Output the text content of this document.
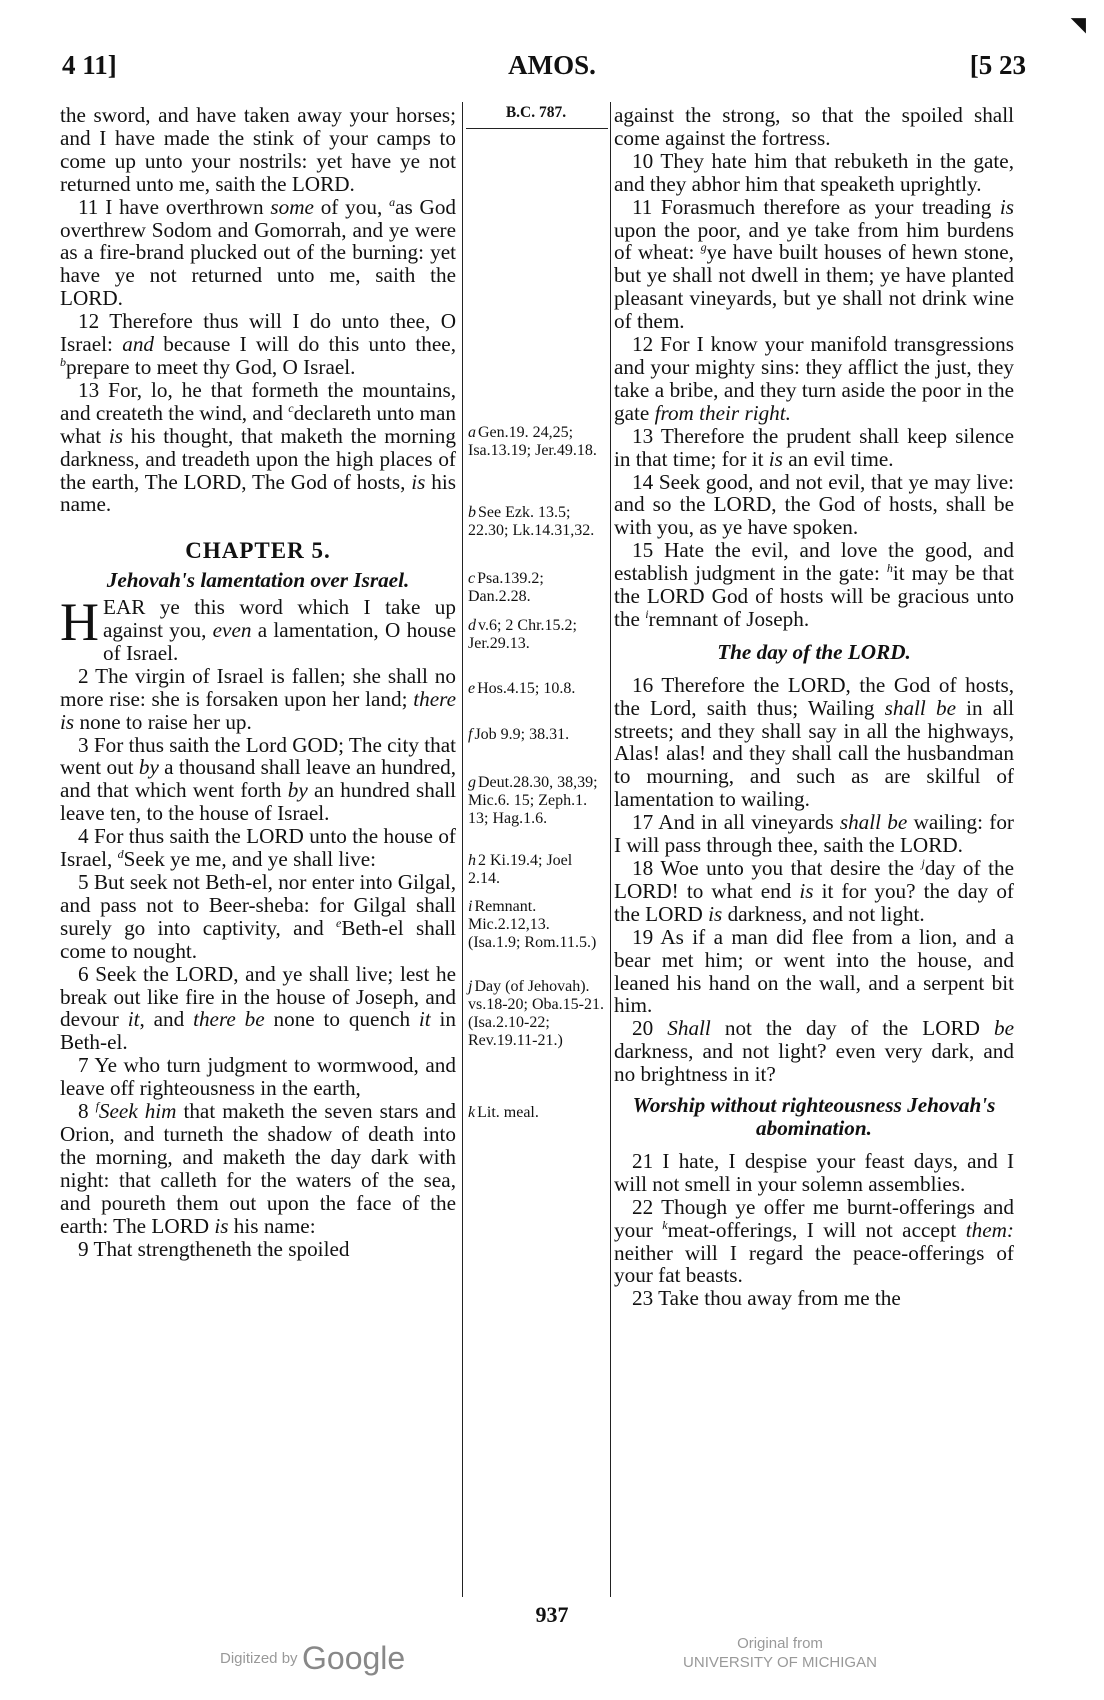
◥
4 11]	AMOS.	[5 23

the sword, and have taken away your horses; and I have made the stink of your camps to come up unto your nostrils: yet have ye not returned unto me, saith the LORD.

11 I have overthrown some of you, $^a$as God overthrew Sodom and Gomorrah, and ye were as a fire-brand plucked out of the burning: yet have ye not returned unto me, saith the LORD.

12 Therefore thus will I do unto thee, O Israel: and because I will do this unto thee, $^b$prepare to meet thy God, O Israel.

13 For, lo, he that formeth the mountains, and createth the wind, and $^c$declareth unto man what is his thought, that maketh the morning darkness, and treadeth upon the high places of the earth, The LORD, The God of hosts, is his name.

CHAPTER 5.
Jehovah's lamentation over Israel.

HEAR ye this word which I take up against you, even a lamentation, O house of Israel.

2 The virgin of Israel is fallen; she shall no more rise: she is forsaken upon her land; there is none to raise her up.

3 For thus saith the Lord GOD; The city that went out by a thousand shall leave an hundred, and that which went forth by an hundred shall leave ten, to the house of Israel.

4 For thus saith the LORD unto the house of Israel, $^d$Seek ye me, and ye shall live:

5 But seek not Beth-el, nor enter into Gilgal, and pass not to Beer-sheba: for Gilgal shall surely go into captivity, and $^e$Beth-el shall come to nought.

6 Seek the LORD, and ye shall live; lest he break out like fire in the house of Joseph, and devour it, and there be none to quench it in Beth-el.

7 Ye who turn judgment to wormwood, and leave off righteousness in the earth,

8 $^f$Seek him that maketh the seven stars and Orion, and turneth the shadow of death into the morning, and maketh the day dark with night: that calleth for the waters of the sea, and poureth them out upon the face of the earth: The LORD is his name:

9 That strengtheneth the spoiled

B.C. 787.
a Gen.19. 24,25; Isa.13.19; Jer.49.18.
b See Ezk. 13.5; 22.30; Lk.14.31,32.
c Psa.139.2; Dan.2.28.
d v.6; 2 Chr.15.2; Jer.29.13.
e Hos.4.15; 10.8.
f Job 9.9; 38.31.
g Deut.28.30, 38,39; Mic.6. 15; Zeph.1. 13; Hag.1.6.
h 2 Ki.19.4; Joel 2.14.
i Remnant. Mic.2.12,13. (Isa.1.9; Rom.11.5.)
j Day (of Jehovah). vs.18-20; Oba.15-21. (Isa.2.10-22; Rev.19.11-21.)
k Lit. meal.

against the strong, so that the spoiled shall come against the fortress.

10 They hate him that rebuketh in the gate, and they abhor him that speaketh uprightly.

11 Forasmuch therefore as your treading is upon the poor, and ye take from him burdens of wheat: $^g$ye have built houses of hewn stone, but ye shall not dwell in them; ye have planted pleasant vineyards, but ye shall not drink wine of them.

12 For I know your manifold transgressions and your mighty sins: they afflict the just, they take a bribe, and they turn aside the poor in the gate from their right.

13 Therefore the prudent shall keep silence in that time; for it is an evil time.

14 Seek good, and not evil, that ye may live: and so the LORD, the God of hosts, shall be with you, as ye have spoken.

15 Hate the evil, and love the good, and establish judgment in the gate: $^h$it may be that the LORD God of hosts will be gracious unto the $^i$remnant of Joseph.

The day of the LORD.

16 Therefore the LORD, the God of hosts, the Lord, saith thus; Wailing shall be in all streets; and they shall say in all the highways, Alas! alas! and they shall call the husbandman to mourning, and such as are skilful of lamentation to wailing.

17 And in all vineyards shall be wailing: for I will pass through thee, saith the LORD.

18 Woe unto you that desire the $^j$day of the LORD! to what end is it for you? the day of the LORD is darkness, and not light.

19 As if a man did flee from a lion, and a bear met him; or went into the house, and leaned his hand on the wall, and a serpent bit him.

20 Shall not the day of the LORD be darkness, and not light? even very dark, and no brightness in it?

Worship without righteousness Jehovah's abomination.

21 I hate, I despise your feast days, and I will not smell in your solemn assemblies.

22 Though ye offer me burnt-offerings and your $^k$meat-offerings, I will not accept them: neither will I regard the peace-offerings of your fat beasts.

23 Take thou away from me the

937
Digitized by Google	Original from
UNIVERSITY OF MICHIGAN
